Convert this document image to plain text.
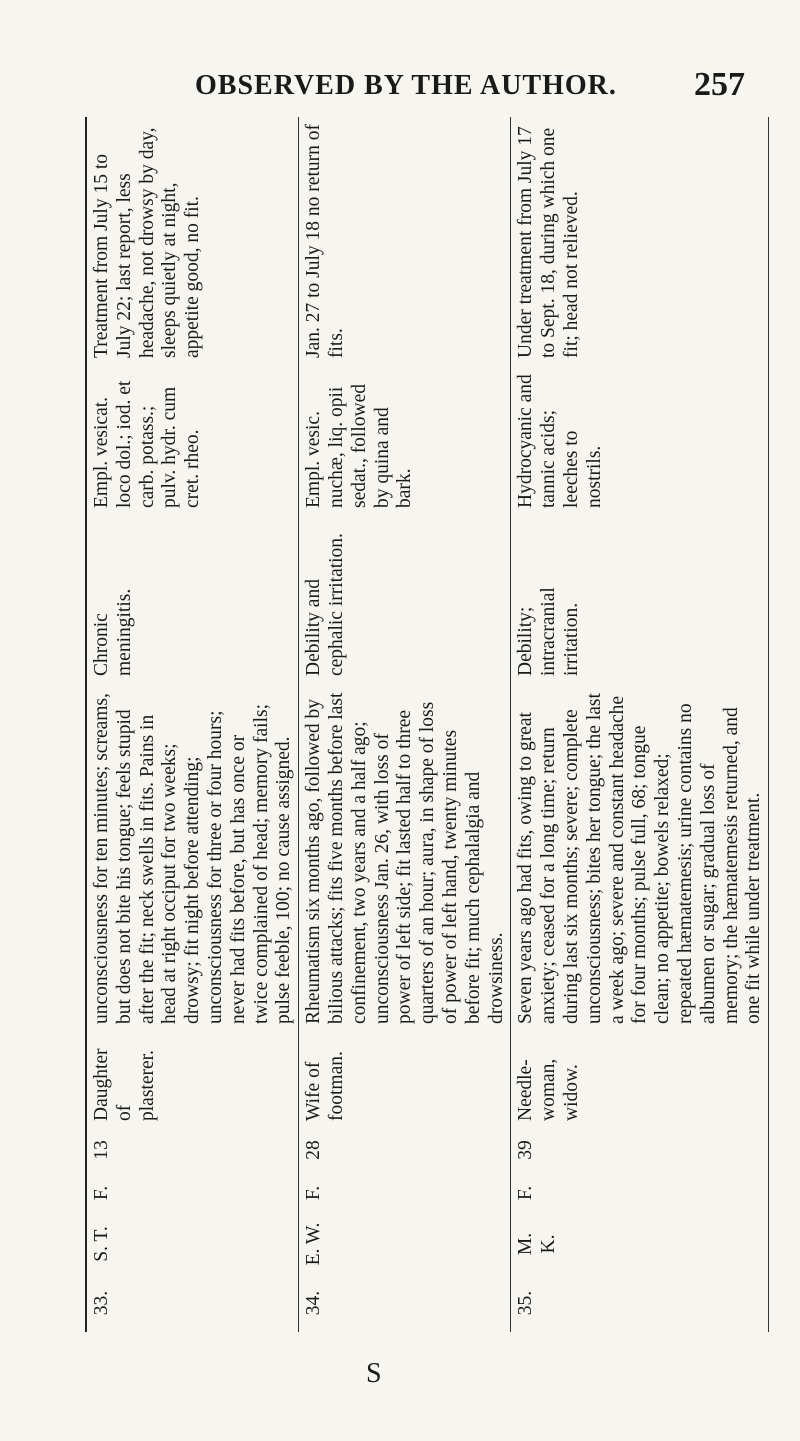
OBSERVED BY THE AUTHOR. 257
33.	S. T.	F.	13	Daughter of plasterer.	unconsciousness for ten minutes; screams, but does not bite his tongue; feels stupid after the fit; neck swells in fits. Pains in head at right occiput for two weeks; drowsy; fit night before attending; unconsciousness for three or four hours; never had fits before, but has once or twice complained of head; memory fails; pulse feeble, 100; no cause assigned.	Chronic meningitis.	Empl. vesicat. loco dol.; iod. et carb. potass.; pulv. hydr. cum cret. rheo.	Treatment from July 15 to July 22; last report, less headache, not drowsy by day, sleeps quietly at night, appetite good, no fit.
34.	E. W.	F.	28	Wife of footman.	Rheumatism six months ago, followed by bilious attacks; fits five months before last confinement, two years and a half ago; unconsciousness Jan. 26, with loss of power of left side; fit lasted half to three quarters of an hour; aura, in shape of loss of power of left hand, twenty minutes before fit; much cephalalgia and drowsiness.	Debility and cephalic irritation.	Empl. vesic. nuchæ, liq. opii sedat., followed by quina and bark.	Jan. 27 to July 18 no return of fits.
35.	M. K.	F.	39	Needle-woman, widow.	Seven years ago had fits, owing to great anxiety; ceased for a long time; return during last six months; severe; complete unconsciousness; bites her tongue; the last a week ago; severe and constant headache for four months; pulse full, 68; tongue clean; no appetite; bowels relaxed; repeated hæmatemesis; urine contains no albumen or sugar; gradual loss of memory; the hæmatemesis returned, and one fit while under treatment.	Debility; intracranial irritation.	Hydrocyanic and tannic acids; leeches to nostrils.	Under treatment from July 17 to Sept. 18, during which one fit; head not relieved.
S
